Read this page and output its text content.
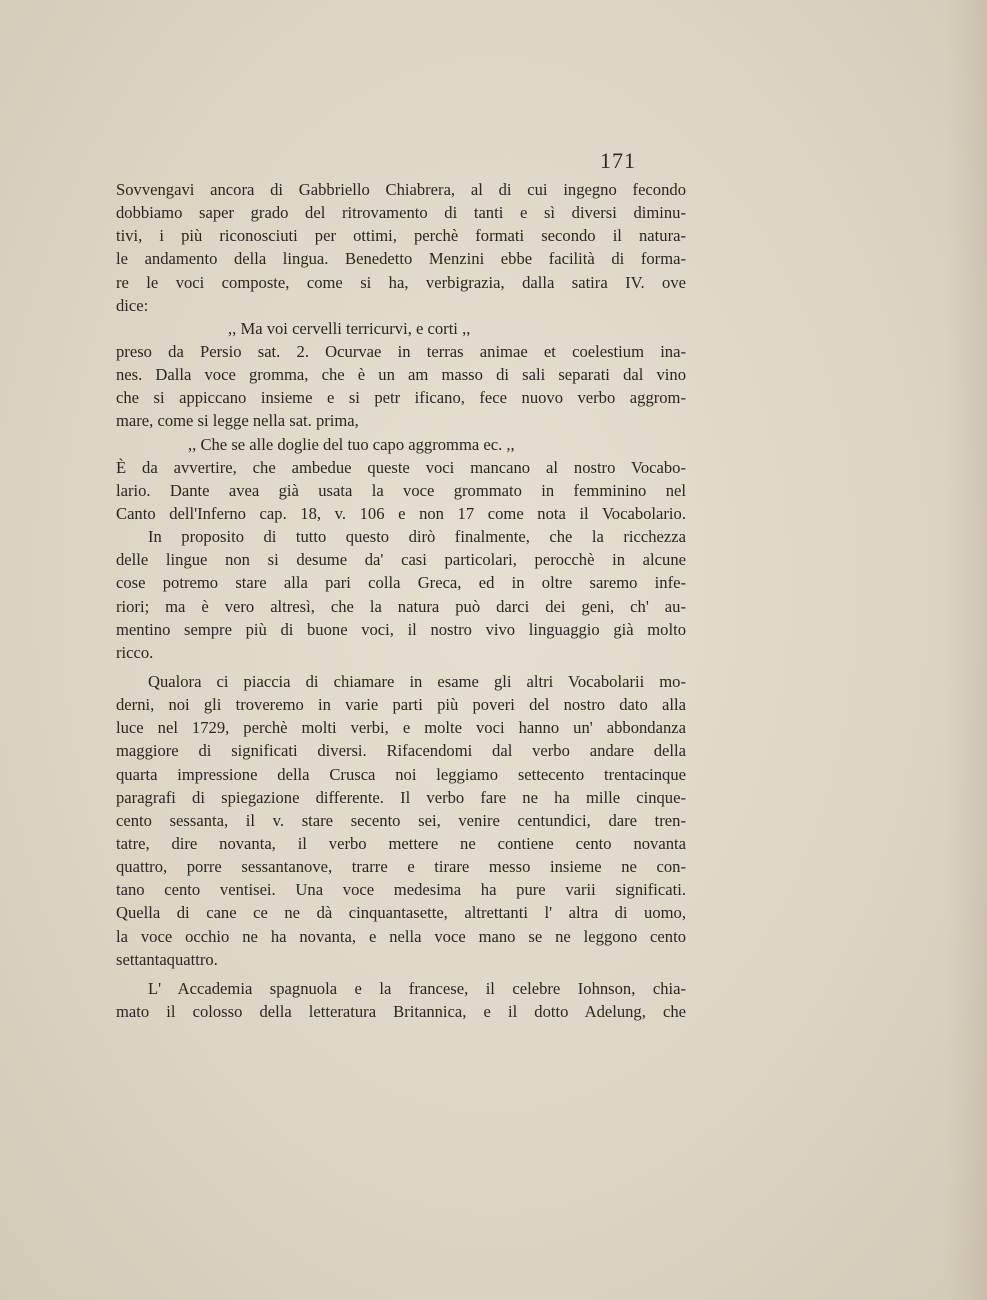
171
Sovvengavi ancora di Gabbriello Chiabrera, al di cui ingegno fecondo
dobbiamo saper grado del ritrovamento di tanti e sì diversi diminu-
tivi, i più riconosciuti per ottimi, perchè formati secondo il natura-
le andamento della lingua. Benedetto Menzini ebbe facilità di forma-
re le voci composte, come si ha, verbigrazia, dalla satira IV. ove
dice:
,, Ma voi cervelli terricurvi, e corti ,,
preso da Persio sat. 2. Ocurvae in terras animae et coelestium ina-
nes. Dalla voce gromma, che è un am masso di sali separati dal vino
che si appiccano insieme e si petr ificano, fece nuovo verbo aggrom-
mare, come si legge nella sat. prima,
,, Che se alle doglie del tuo capo aggromma ec. ,,
È da avvertire, che ambedue queste voci mancano al nostro Vocabo-
lario. Dante avea già usata la voce grommato in femminino nel
Canto dell'Inferno cap. 18, v. 106 e non 17 come nota il Vocabolario.
In proposito di tutto questo dirò finalmente, che la ricchezza
delle lingue non si desume da' casi particolari, perocchè in alcune
cose potremo stare alla pari colla Greca, ed in oltre saremo infe-
riori; ma è vero altresì, che la natura può darci dei geni, ch' au-
mentino sempre più di buone voci, il nostro vivo linguaggio già molto
ricco.
Qualora ci piaccia di chiamare in esame gli altri Vocabolarii mo-
derni, noi gli troveremo in varie parti più poveri del nostro dato alla
luce nel 1729, perchè molti verbi, e molte voci hanno un' abbondanza
maggiore di significati diversi. Rifacendomi dal verbo andare della
quarta impressione della Crusca noi leggiamo settecento trentacinque
paragrafi di spiegazione differente. Il verbo fare ne ha mille cinque-
cento sessanta, il v. stare secento sei, venire centundici, dare tren-
tatre, dire novanta, il verbo mettere ne contiene cento novanta
quattro, porre sessantanove, trarre e tirare messo insieme ne con-
tano cento ventisei. Una voce medesima ha pure varii significati.
Quella di cane ce ne dà cinquantasette, altrettanti l' altra di uomo,
la voce occhio ne ha novanta, e nella voce mano se ne leggono cento
settantaquattro.
L' Accademia spagnuola e la francese, il celebre Iohnson, chia-
mato il colosso della letteratura Britannica, e il dotto Adelung, che
